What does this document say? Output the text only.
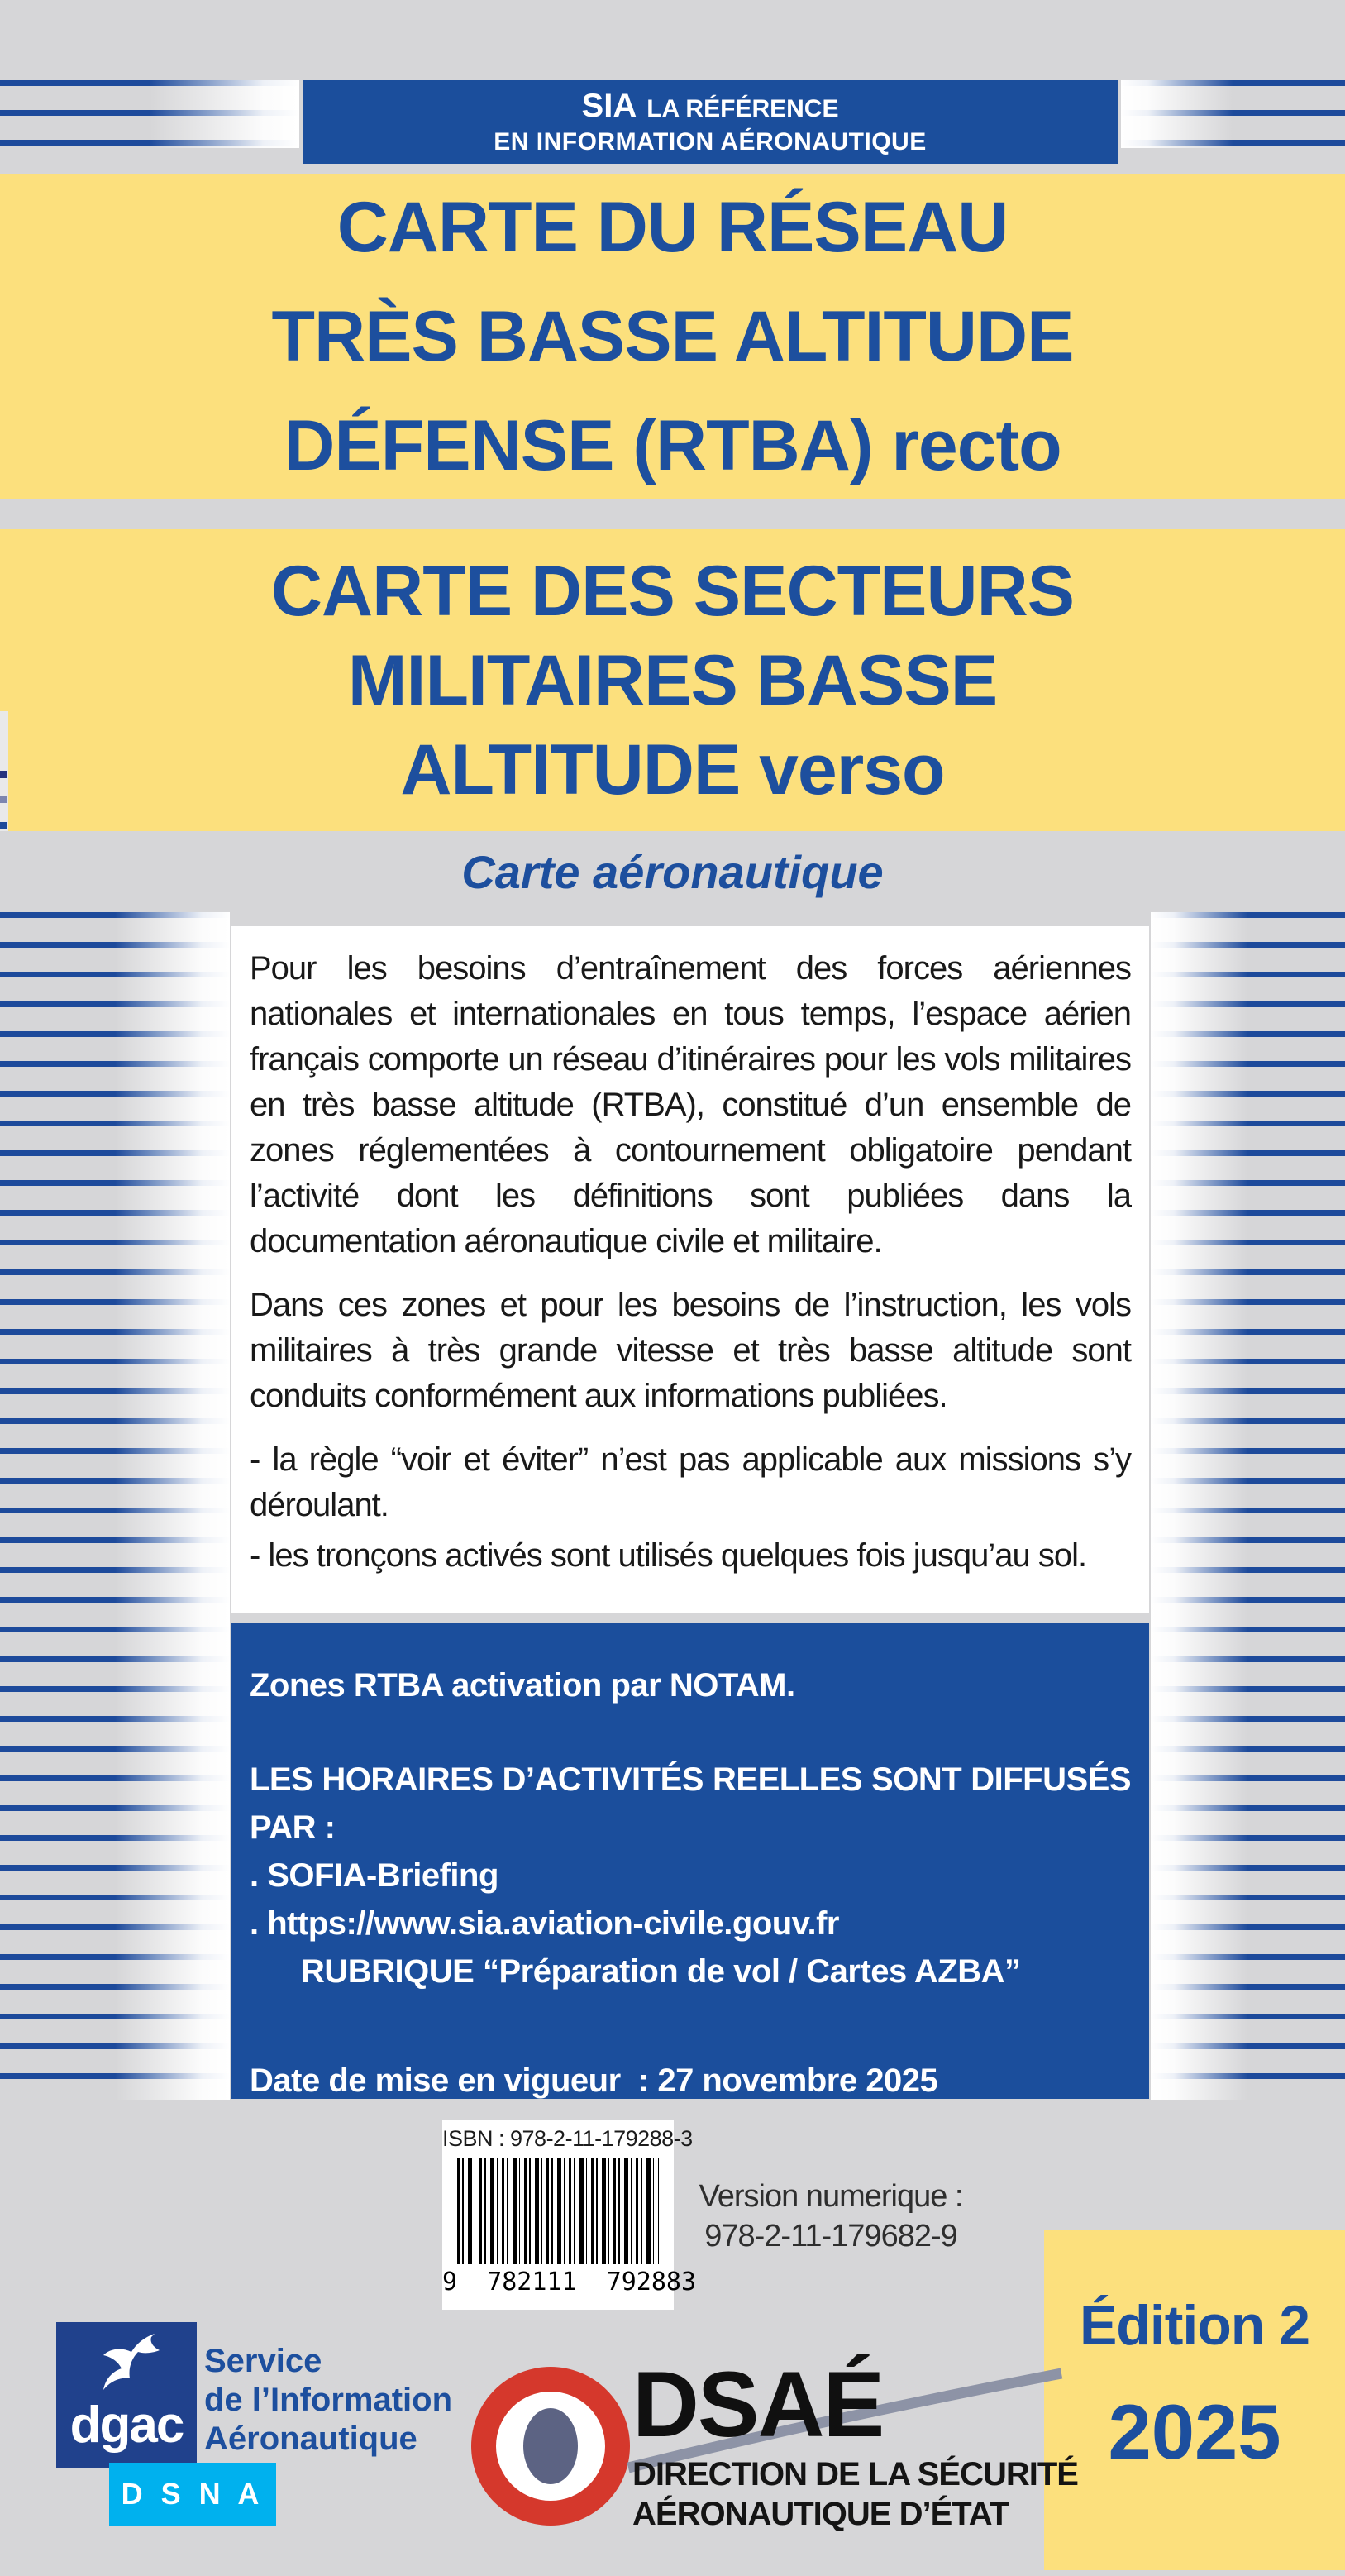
SIA LA RÉFÉRENCE
EN INFORMATION AÉRONAUTIQUE
CARTE DU RÉSEAU
TRÈS BASSE ALTITUDE
DÉFENSE (RTBA) recto
CARTE DES SECTEURS
MILITAIRES BASSE
ALTITUDE verso
Carte aéronautique

Pour les besoins d’entraînement des forces aériennes nationales et internationales en tous temps, l’espace aérien français comporte un réseau d’itinéraires pour les vols militaires en très basse altitude (RTBA), constitué d’un ensemble de zones réglementées à contournement obligatoire pendant l’activité dont les définitions sont publiées dans la documentation aéronautique civile et militaire.

Dans ces zones et pour les besoins de l’instruction, les vols militaires à très grande vitesse et très basse altitude sont conduits conformément aux informations publiées.

- la règle “voir et éviter” n’est pas applicable aux missions s’y déroulant.

- les tronçons activés sont utilisés quelques fois jusqu’au sol.

Zones RTBA activation par NOTAM.
LES HORAIRES D’ACTIVITÉS REELLES SONT DIFFUSÉS
PAR :
. SOFIA-Briefing
. https://www.sia.aviation-civile.gouv.fr
RUBRIQUE “Préparation de vol / Cartes AZBA”
Date de mise en vigueur  : 27 novembre 2025
ISBN : 978-2-11-179288-3
9  782111  792883
Version numerique :
978-2-11-179682-9
Édition 2
2025
dgac
D S N A
Service
de l’Information
Aéronautique	DSAÉ
DIRECTION DE LA SÉCURITÉ
AÉRONAUTIQUE D’ÉTAT
